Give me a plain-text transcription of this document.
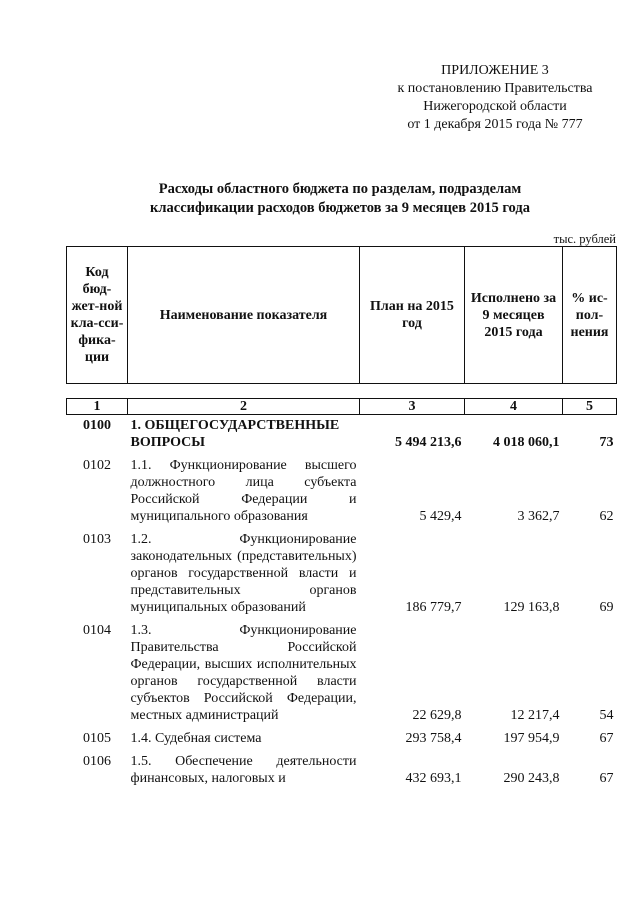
ПРИЛОЖЕНИЕ 3
к постановлению Правительства
Нижегородской области
от 1 декабря 2015 года № 777
Расходы областного бюджета по разделам, подразделам
классификации расходов бюджетов за 9 месяцев 2015 года
тыс. рублей
Код бюд-жет-ной кла-сси-фика-ции	Наименование показателя	План на 2015 год	Исполнено за 9 месяцев 2015 года	% ис-пол-нения

1	2	3	4	5
0100	1. ОБЩЕГОСУДАРСТВЕННЫЕ ВОПРОСЫ	5 494 213,6	4 018 060,1	73
0102	1.1. Функционирование высшего должностного лица субъекта Российской Федерации и муниципального образования	5 429,4	3 362,7	62
0103	1.2. Функционирование законодательных (представительных) органов государственной власти и представительных органов муниципальных образований	186 779,7	129 163,8	69
0104	1.3. Функционирование Правительства Российской Федерации, высших исполнительных органов государственной власти субъектов Российской Федерации, местных администраций	22 629,8	12 217,4	54
0105	1.4. Судебная система	293 758,4	197 954,9	67
0106	1.5. Обеспечение деятельности финансовых, налоговых и	432 693,1	290 243,8	67
